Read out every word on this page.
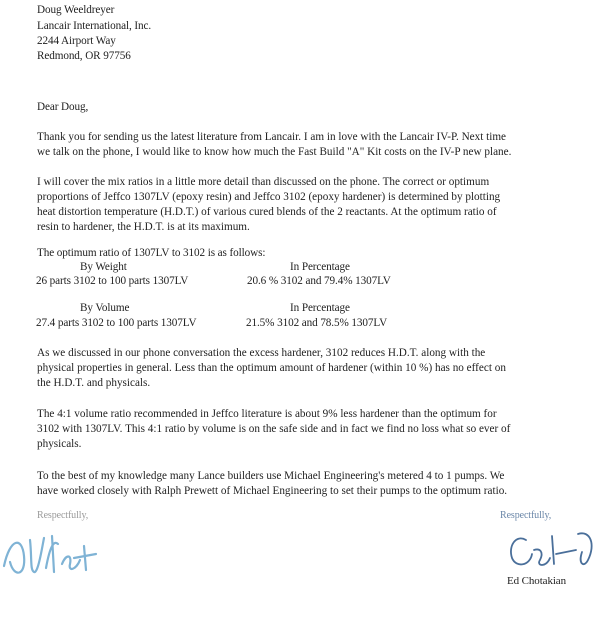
Doug Weeldreyer
Lancair International, Inc.
2244 Airport Way
Redmond, OR 97756
Dear Doug,
Thank you for sending us the latest literature from Lancair. I am in love with the Lancair IV-P. Next time
we talk on the phone, I would like to know how much the Fast Build "A" Kit costs on the IV-P new plane.
I will cover the mix ratios in a little more detail than discussed on the phone. The correct or optimum
proportions of Jeffco 1307LV (epoxy resin) and Jeffco 3102 (epoxy hardener) is determined by plotting
heat distortion temperature (H.D.T.) of various cured blends of the 2 reactants. At the optimum ratio of
resin to hardener, the H.D.T. is at its maximum.
The optimum ratio of 1307LV to 3102 is as follows:
By Weight
26 parts 3102 to 100 parts 1307LV
In Percentage
20.6 % 3102 and 79.4% 1307LV
By Volume
27.4 parts 3102 to 100 parts 1307LV
In Percentage
21.5% 3102 and 78.5% 1307LV
As we discussed in our phone conversation the excess hardener, 3102 reduces H.D.T. along with the
physical properties in general. Less than the optimum amount of hardener (within 10 %) has no effect on
the H.D.T. and physicals.
The 4:1 volume ratio recommended in Jeffco literature is about 9% less hardener than the optimum for
3102 with 1307LV. This 4:1 ratio by volume is on the safe side and in fact we find no loss what so ever of
physicals.
To the best of my knowledge many Lance builders use Michael Engineering's metered 4 to 1 pumps. We
have worked closely with Ralph Prewett of Michael Engineering to set their pumps to the optimum ratio.
Respectfully,	Respectfully,
Ed Chotakian
